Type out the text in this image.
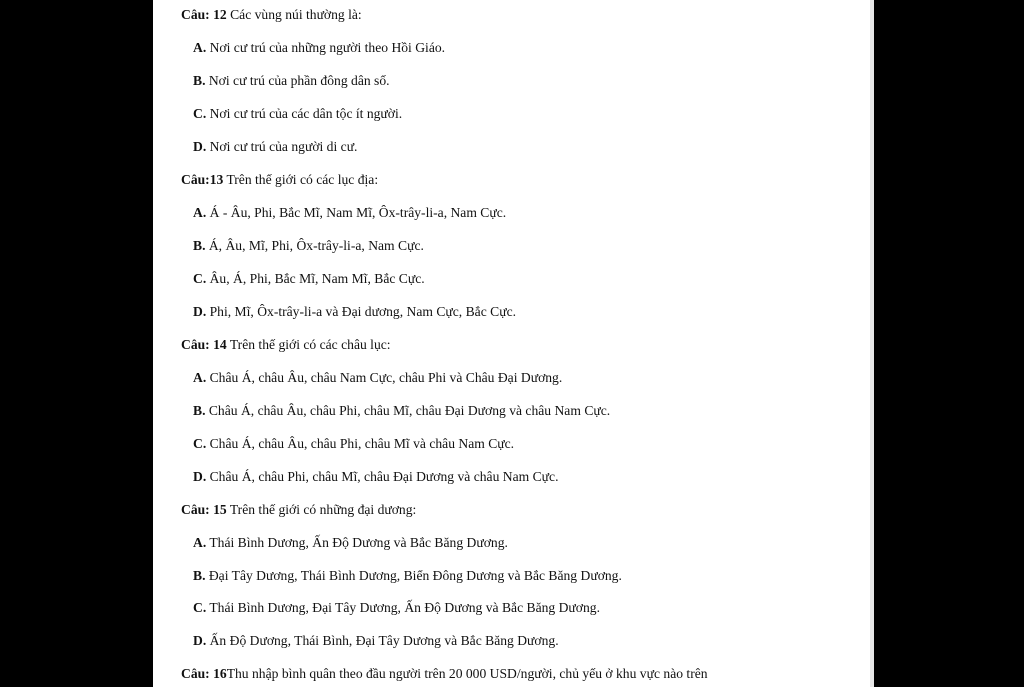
Câu: 12 Các vùng núi thường là:
A. Nơi cư trú của những người theo Hồi Giáo.
B. Nơi cư trú của phần đông dân số.
C. Nơi cư trú của các dân tộc ít người.
D. Nơi cư trú của người di cư.
Câu:13 Trên thế giới có các lục địa:
A. Á - Âu, Phi, Bắc Mĩ, Nam Mĩ, Ôx-trây-li-a, Nam Cực.
B. Á, Âu, Mĩ, Phi, Ôx-trây-li-a, Nam Cực.
C. Âu, Á, Phi, Bắc Mĩ, Nam Mĩ, Bắc Cực.
D. Phi, Mĩ, Ôx-trây-li-a và Đại dương, Nam Cực, Bắc Cực.
Câu: 14 Trên thế giới có các châu lục:
A. Châu Á, châu Âu, châu Nam Cực, châu Phi và Châu Đại Dương.
B. Châu Á, châu Âu, châu Phi, châu Mĩ, châu Đại Dương và châu Nam Cực.
C. Châu Á, châu Âu, châu Phi, châu Mĩ và châu Nam Cực.
D. Châu Á, châu Phi, châu Mĩ, châu Đại Dương và châu Nam Cực.
Câu: 15 Trên thế giới có những đại dương:
A. Thái Bình Dương, Ấn Độ Dương và Bắc Băng Dương.
B. Đại Tây Dương, Thái Bình Dương, Biển Đông Dương và Bắc Băng Dương.
C. Thái Bình Dương, Đại Tây Dương, Ấn Độ Dương và Bắc Băng Dương.
D. Ấn Độ Dương, Thái Bình, Đại Tây Dương và Bắc Băng Dương.
Câu: 16Thu nhập bình quân theo đầu người trên 20 000 USD/người, chủ yếu ở khu vực nào trên
